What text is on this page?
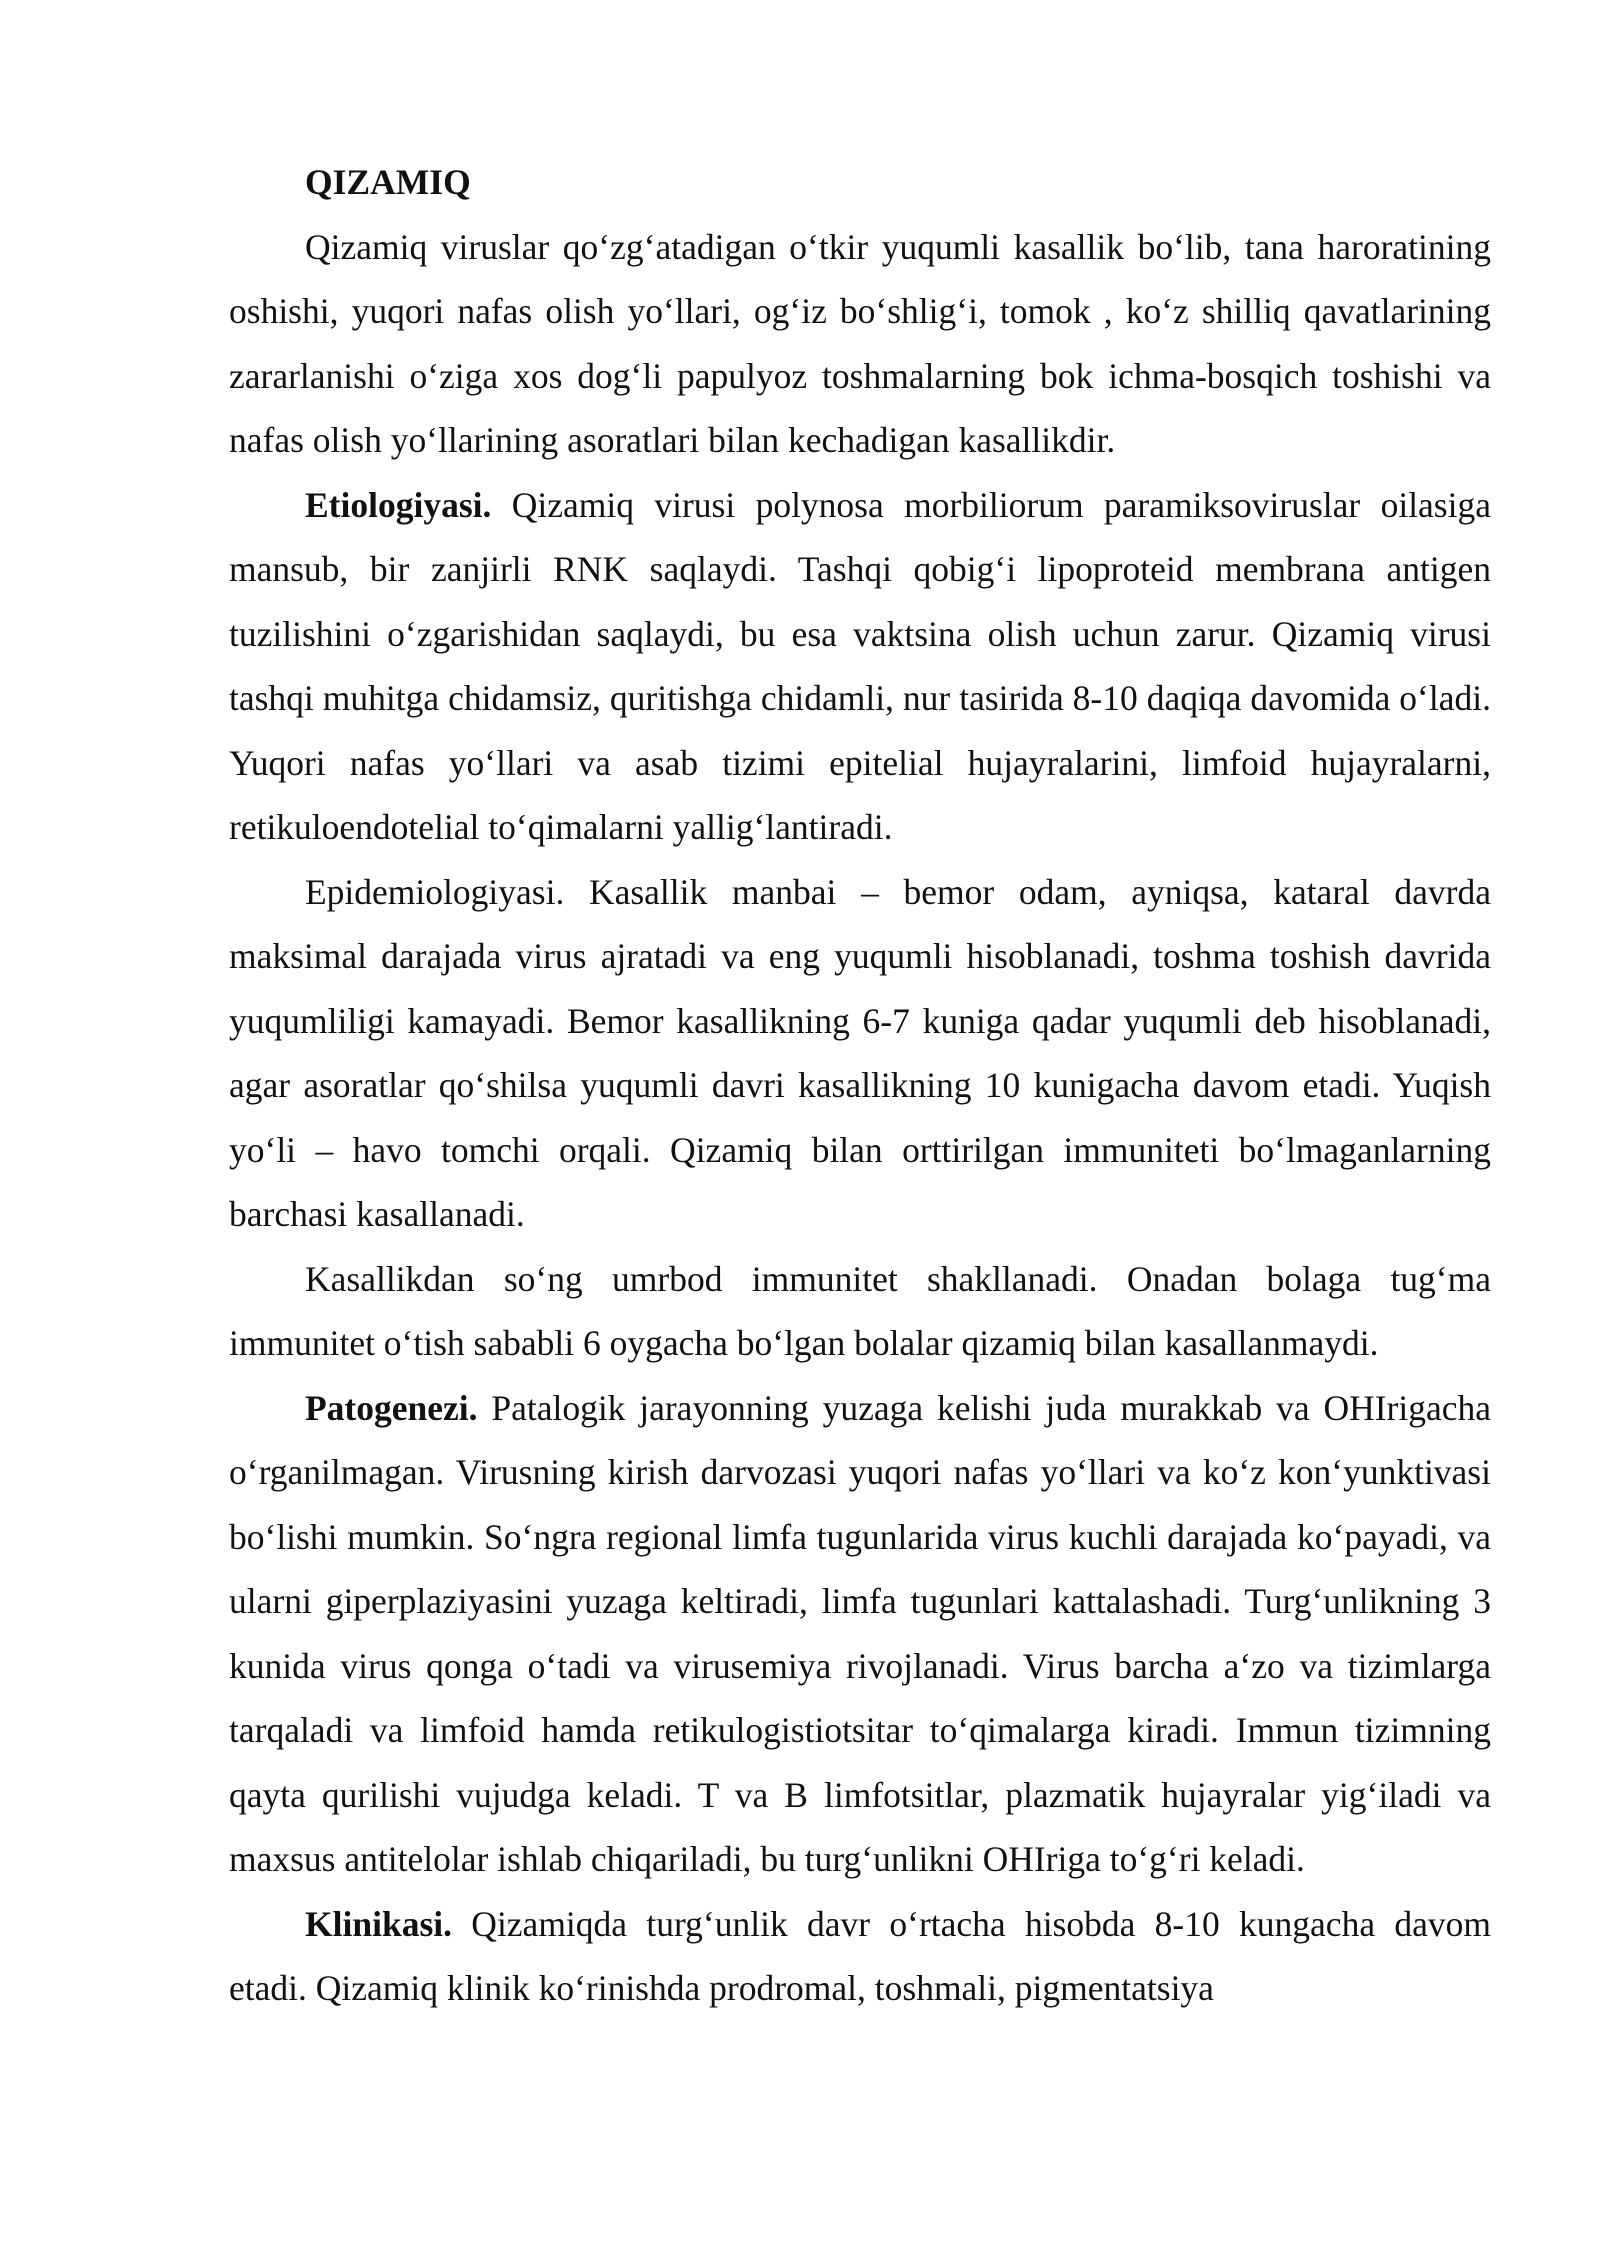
QIZAMIQ

Qizamiq viruslar qo‘zg‘atadigan o‘tkir yuqumli kasallik bo‘lib, tana haroratining oshishi, yuqori nafas olish yo‘llari, og‘iz bo‘shlig‘i, tomok , ko‘z shilliq qavatlarining zararlanishi o‘ziga xos dog‘li papulyoz toshmalarning bok ichma-bosqich toshishi va nafas olish yo‘llarining asoratlari bilan kechadigan kasallikdir.

Etiologiyasi. Qizamiq virusi polynosa morbiliorum paramiksoviruslar oilasiga mansub, bir zanjirli RNK saqlaydi. Tashqi qobig‘i lipoproteid membrana antigen tuzilishini o‘zgarishidan saqlaydi, bu esa vaktsina olish uchun zarur. Qizamiq virusi tashqi muhitga chidamsiz, quritishga chidamli, nur tasirida 8-10 daqiqa davomida o‘ladi. Yuqori nafas yo‘llari va asab tizimi epitelial hujayralarini, limfoid hujayralarni, retikuloendotelial to‘qimalarni yallig‘lantiradi.

Epidemiologiyasi. Kasallik manbai – bemor odam, ayniqsa, kataral davrda maksimal darajada virus ajratadi va eng yuqumli hisoblanadi, toshma toshish davrida yuqumliligi kamayadi. Bemor kasallikning 6-7 kuniga qadar yuqumli deb hisoblanadi, agar asoratlar qo‘shilsa yuqumli davri kasallikning 10 kunigacha davom etadi. Yuqish yo‘li – havo tomchi orqali. Qizamiq bilan orttirilgan immuniteti bo‘lmaganlarning barchasi kasallanadi.

Kasallikdan so‘ng umrbod immunitet shakllanadi. Onadan bolaga tug‘ma immunitet o‘tish sababli 6 oygacha bo‘lgan bolalar qizamiq bilan kasallanmaydi.

Patogenezi. Patalogik jarayonning yuzaga kelishi juda murakkab va OHIrigacha o‘rganilmagan. Virusning kirish darvozasi yuqori nafas yo‘llari va ko‘z kon‘yunktivasi bo‘lishi mumkin. So‘ngra regional limfa tugunlarida virus kuchli darajada ko‘payadi, va ularni giperplaziyasini yuzaga keltiradi, limfa tugunlari kattalashadi. Turg‘unlikning 3 kunida virus qonga o‘tadi va virusemiya rivojlanadi. Virus barcha a‘zo va tizimlarga tarqaladi va limfoid hamda retikulogistiotsitar to‘qimalarga kiradi. Immun tizimning qayta qurilishi vujudga keladi. T va B limfotsitlar, plazmatik hujayralar yig‘iladi va maxsus antitelolar ishlab chiqariladi, bu turg‘unlikni OHIriga to‘g‘ri keladi.

Klinikasi. Qizamiqda turg‘unlik davr o‘rtacha hisobda 8-10 kungacha davom etadi. Qizamiq klinik ko‘rinishda prodromal, toshmali, pigmentatsiya
